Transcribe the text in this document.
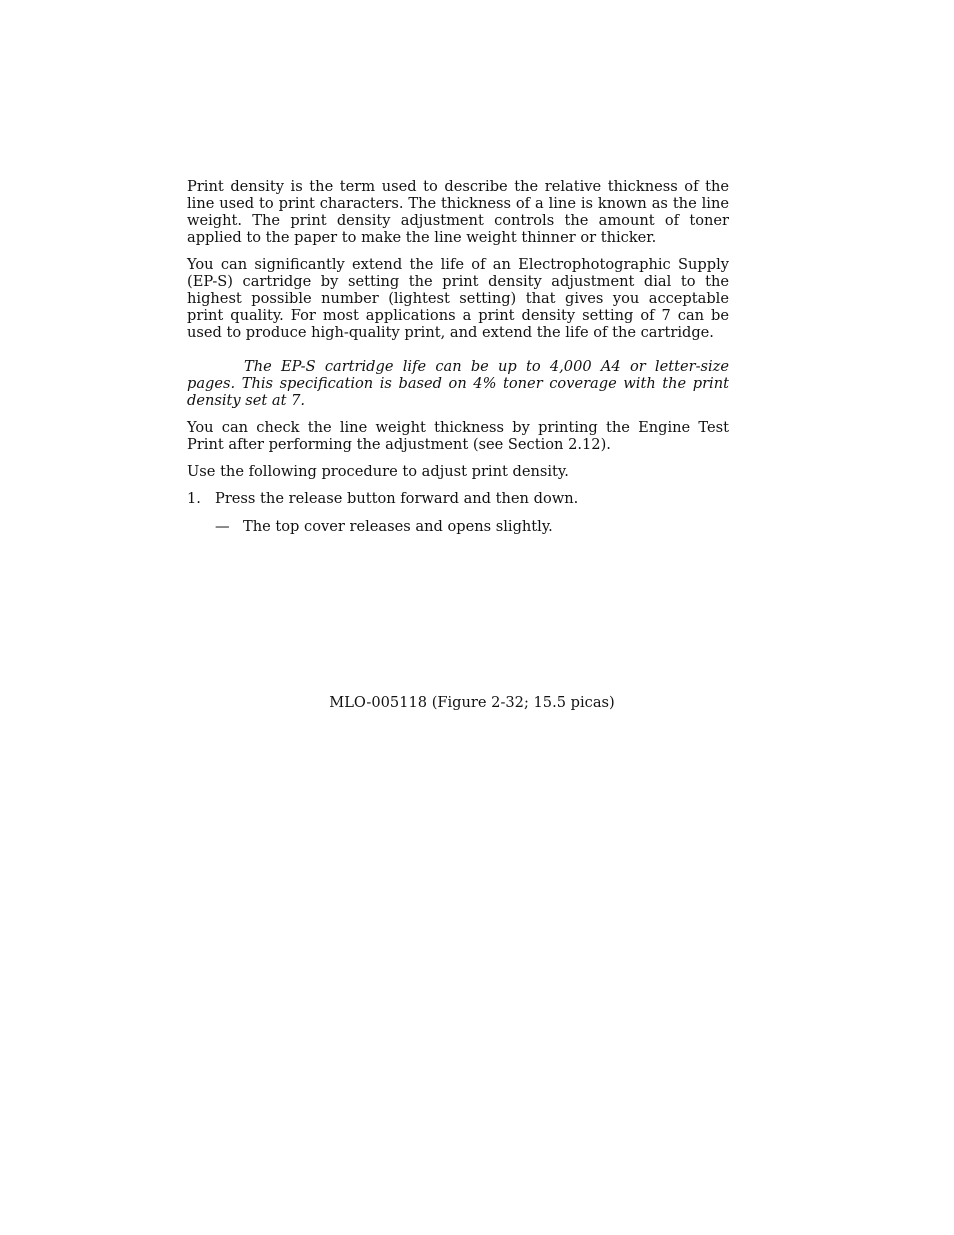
Print density is the term used to describe the relative thickness of the line used to print characters. The thickness of a line is known as the line weight. The print density adjustment controls the amount of toner applied to the paper to make the line weight thinner or thicker.

You can significantly extend the life of an Electrophotographic Supply (EP-S) cartridge by setting the print density adjustment dial to the highest possible number (lightest setting) that gives you acceptable print quality. For most applications a print density setting of 7 can be used to produce high-quality print, and extend the life of the cartridge.

The EP-S cartridge life can be up to 4,000 A4 or letter-size pages. This specification is based on 4% toner coverage with the print density set at 7.

You can check the line weight thickness by printing the Engine Test Print after performing the adjustment (see Section 2.12).

Use the following procedure to adjust print density.

1. Press the release button forward and then down.
— The top cover releases and opens slightly.
MLO-005118 (Figure 2-32; 15.5 picas)
